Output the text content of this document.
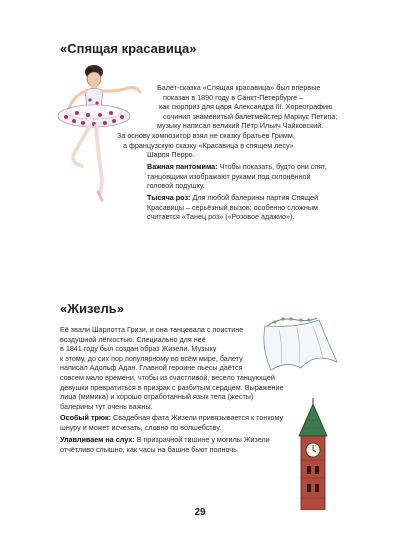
«Спящая красавица»
Балет-сказка «Спящая красавица» был впервые
показан в 1890 году в Санкт-Петербурге –
как сюрприз для царя Александра III. Хореографию
сочинил знаменитый балетмейстер Мариус Петипа;
музыку написал великий Пётр Ильич Чайковский.
За основу композитор взял не сказку братьев Гримм,
а французскую сказку «Красавица в спящем лесу»
Шарля Перро.
Важная пантомима: Чтобы показать, будто они спят,
танцовщики изображают руками под склонённой
головой подушку.
Тысяча роз: Для любой балерины партия Спящей
Красавицы – серьёзный вызов; особенно сложным
считается «Танец роз» («Розовое адажио»).
«Жизель»
Её звали Шарлотта Гризи, и она танцевала с поистине
воздушной лёгкостью. Специально для неё
в 1841 году был создан образ Жизели. Музыку
к этому, до сих пор популярному во всём мире, балету
написал Адольф Адан. Главной героине пьесы даётся
совсем мало времени, чтобы из счастливой, весело танцующей
девушки превратиться в призрак с разбитым сердцем. Выражение
лица (мимика) и хорошо отработанный язык тела (жесты)
балерины тут очень важны.
Особый трюк: Свадебная фата Жизели привязывается к тонкому
шнуру и может исчезать, словно по волшебству.
Улавливаем на слух: В призрачной тишине у могилы Жизели
отчётливо слышно, как часы на башне бьют полночь.
29
